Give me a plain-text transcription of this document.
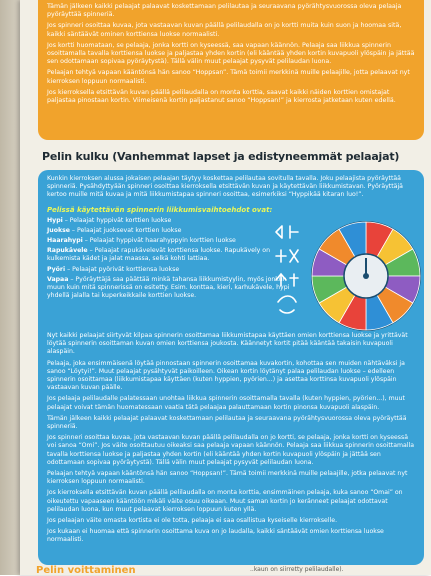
Tämän jälkeen kaikki pelaajat palaavat koskettamaan pelilautaa ja seuraavana pyörähtysvuorossa oleva pelaaja pyöräyttää spinneriä.

Jos spinneri osoittaa kuvaa, jota vastaavan kuvan päällä pelilaudalla on jo kortti muita kuin suon ja hoomaa sitä, kaikki säntäävät ominen korttiensa luokse normaalisti.

Jos kortti huomataan, se pelaaja, jonka kortti on kyseessä, saa vapaan käännön. Pelaaja saa liikkua spinnerin osoittamalla tavalla korttiensa luokse ja paljastaa yhden kortin (eli kääntää yhden kortin kuvapuoli ylöspäin ja jättää sen odottamaan sopivaa pyöräytystä). Tällä välin muut pelaajat pysyvät pelilaudan luona.

Pelaajan tehtyä vapaan kääntönsä hän sanoo “Hoppsan”. Tämä toimii merkkinä muille pelaajille, jotta pelaavat nyt kierroksen loppuun normaalisti.

Jos kierroksella etsittävän kuvan päällä pelilaudalla on monta korttia, saavat kaikki näiden korttien omistajat paljastaa pinostaan kortin. Viimeisenä kortin paljastanut sanoo “Hoppsan!” ja kierrosta jatketaan kuten edellä.

Pelin kulku (Vanhemmat lapset ja edistyneemmät pelaajat)

Kunkin kierroksen alussa jokaisen pelaajan täytyy koskettaa pelilautaa sovitulla tavalla. Joku pelaajista pyöräyttää spinneriä. Pysähdyttyään spinneri osoittaa kierroksella etsittävän kuvan ja käytettävän liikkumistavan. Pyöräyttäjä kertoo muille mitä kuvaa ja mitä liikkumistapaa spinneri osoittaa, esimerkiksi “Hyppikää kitaran luo!”.

Pelissä käytettävän spinnerin liikkumisvaihtoehdot ovat:

Hypi – Pelaajat hyppivät korttien luokse

Juokse – Pelaajat juoksevat korttien luokse

Haarahypi – Pelaajat hyppivät haarahyppyin korttien luokse

Rapukävele – Pelaajat rapukävelevät korttiensa luokse. Rapukävely on kulkemista kädet ja jalat maassa, selkä kohti lattiaa.

Pyöri – Pelaajat pyörivät korttiensa luokse

Vapaa – Pyöräyttäjä saa päättää minkä tahansa liikkumistyylin, myös jonkun muun kuin mitä spinnerissä on esitetty. Esim. konttaa, kieri, karhukävele, hypi yhdellä jalalla tai kuperkeikkaile korttien luokse.

Nyt kaikki pelaajat siirtyvät kilpaa spinnerin osoittamaa liikkumistapaa käyttäen omien korttiensa luokse ja yrittävät löytää spinnerin osoittaman kuvan omien korttiensa joukosta. Käännetyt kortit pitää kääntää takaisin kuvapuoli alaspäin.

Pelaaja, joka ensimmäisenä löytää pinnostaan spinnerin osoittamaa kuvakortin, kohottaa sen muiden nähtäväksi ja sanoo “Löytyi!”. Muut pelaajat pysähtyvät paikoilleen. Oikean kortin löytänyt palaa pelilaudan luokse – edelleen spinnerin osoittamaa (liikkumistapaa käyttäen (kuten hyppien, pyörien...) ja asettaa korttinsa kuvapuoli ylöspäin vastaavan kuvan päälle.

Jos pelaaja pelilaudalle palatessaan unohtaa liikkua spinnerin osoittamalla tavalla (kuten hyppien, pyörien...), muut pelaajat voivat tämän huomatessaan vaatia tätä pelaajaa palauttamaan kortin pinonsa kuvapuoli alaspäin.

Tämän jälkeen kaikki pelaajat palaavat koskettamaan pelilautaa ja seuraavana pyörähtysvuorossa oleva pyöräyttää spinneriä.

Jos spinneri osoittaa kuvaa, jota vastaavan kuvan päällä pelilaudalla on jo kortti, se pelaaja, jonka kortti on kyseessä voi sanoa “Omi”. Jos väite osoittautuu oikeaksi saa pelaaja vapaan käännön. Pelaaja saa liikkua spinnerin osoittamalla tavalla korttiensa luokse ja paljastaa yhden kortin (eli kääntää yhden kortin kuvapuoli ylöspäin ja jättää sen odottamaan sopivaa pyöräytystä). Tällä välin muut pelaajat pysyvät pelilaudan luona.

Pelaajan tehtyä vapaan kääntönsä hän sanoo “Hoppsan!”. Tämä toimii merkkinä muille pelaajille, jotka pelaavat nyt kierroksen loppuun normaalisti.

Jos kierroksella etsittävän kuvan päällä pelilaudalla on monta korttia, ensimmäinen pelaaja, kuka sanoo “Omai” on oikeutettu vapaaseen kääntöön mikäli väite osuu oikeaan. Muut saman kortin jo keränneet pelaajat odottavat pelilaudan luona, kun muut pelaavat kierroksen loppuun kuten yllä.

Jos pelaajan väite omasta kortista ei ole totta, pelaaja ei saa osallistua kyseiselle kierrokselle.

Jos kukaan ei huomaa että spinnerin osoittama kuva on jo laudalla, kaikki säntäävät omien korttiensa luokse normaalisti.

Pelin voittaminen	..kaun on siirretty pelilaudalle).
